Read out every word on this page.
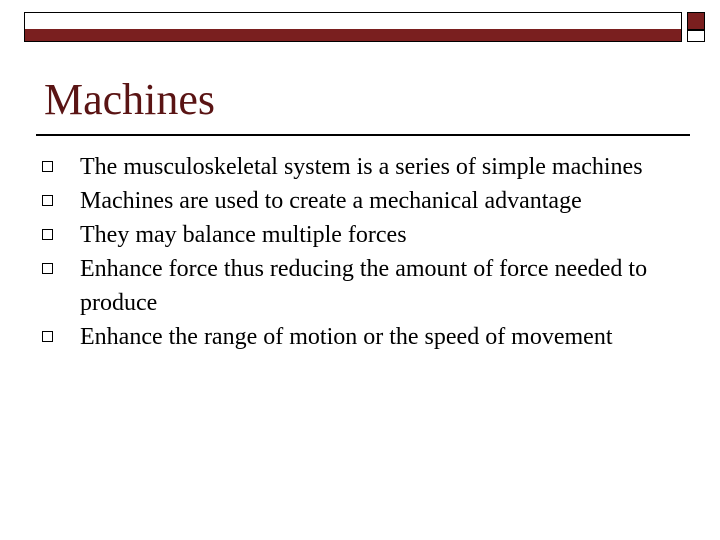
Machines
The musculoskeletal system is a series of simple machines
Machines are used to create a mechanical advantage
They may balance multiple forces
Enhance force thus reducing the amount of force needed to produce
Enhance the range of motion or the speed of movement
